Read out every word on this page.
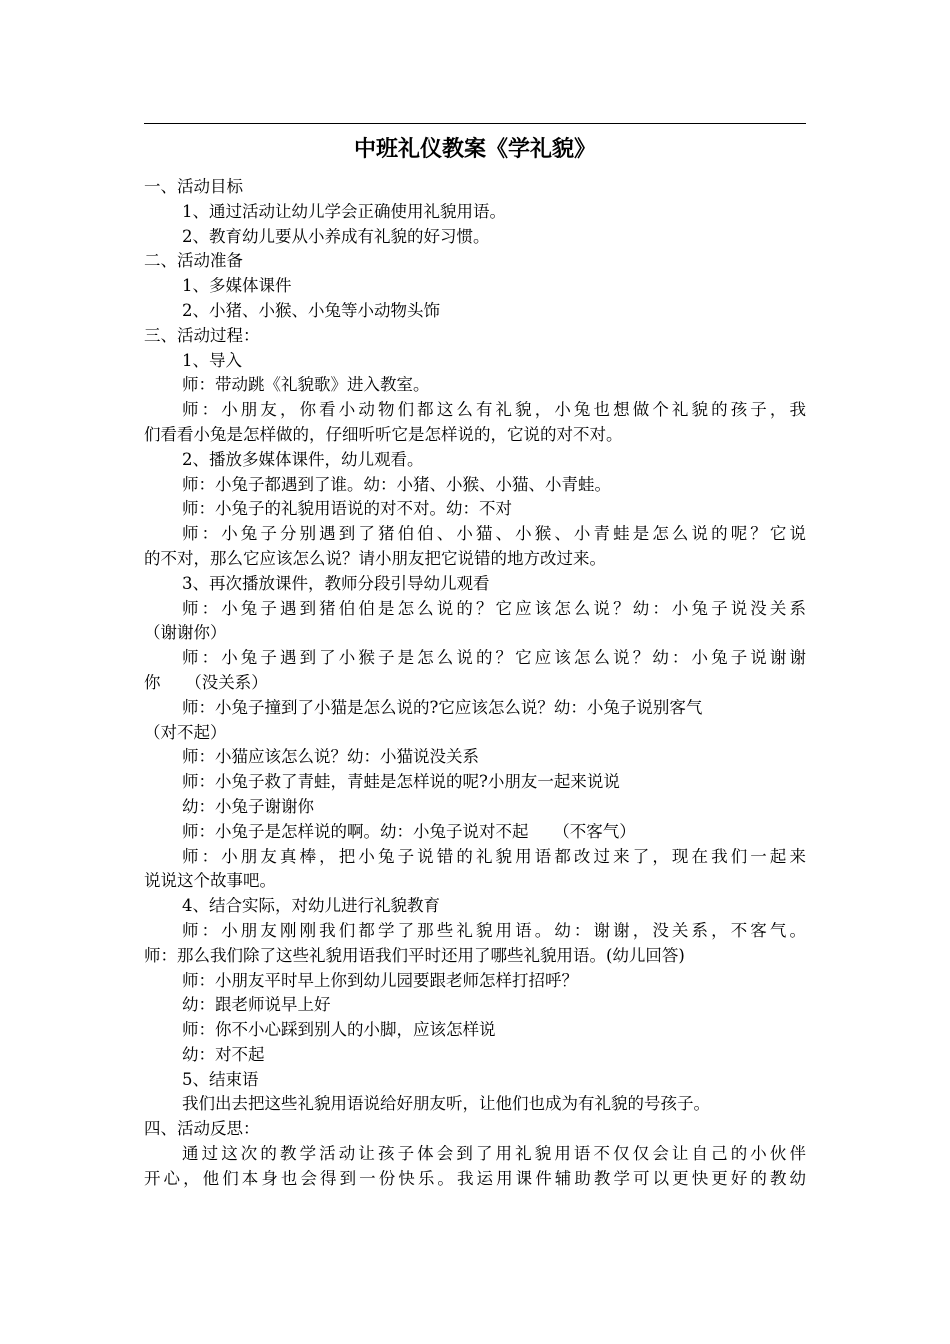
中班礼仪教案《学礼貌》
一、活动目标
1、通过活动让幼儿学会正确使用礼貌用语。
2、教育幼儿要从小养成有礼貌的好习惯。
二、活动准备
1、多媒体课件
2、小猪、小猴、小兔等小动物头饰
三、活动过程：
1、导入
师：带动跳《礼貌歌》进入教室。
师：小朋友，你看小动物们都这么有礼貌，小兔也想做个礼貌的孩子，我
们看看小兔是怎样做的，仔细听听它是怎样说的，它说的对不对。
2、播放多媒体课件，幼儿观看。
师：小兔子都遇到了谁。幼：小猪、小猴、小猫、小青蛙。
师：小兔子的礼貌用语说的对不对。幼：不对
师：小兔子分别遇到了猪伯伯、小猫、小猴、小青蛙是怎么说的呢？它说
的不对，那么它应该怎么说？请小朋友把它说错的地方改过来。
3、再次播放课件，教师分段引导幼儿观看
师：小兔子遇到猪伯伯是怎么说的？它应该怎么说？幼：小兔子说没关系
（谢谢你）
师：小兔子遇到了小猴子是怎么说的？它应该怎么说？幼：小兔子说谢谢
你　　（没关系）
师：小兔子撞到了小猫是怎么说的?它应该怎么说？幼：小兔子说别客气
（对不起）
师：小猫应该怎么说？幼：小猫说没关系
师：小兔子救了青蛙，青蛙是怎样说的呢?小朋友一起来说说
幼：小兔子谢谢你
师：小兔子是怎样说的啊。幼：小兔子说对不起　　（不客气）
师：小朋友真棒，把小兔子说错的礼貌用语都改过来了，现在我们一起来
说说这个故事吧。
4、结合实际，对幼儿进行礼貌教育
师：小朋友刚刚我们都学了那些礼貌用语。幼：谢谢，没关系，不客气。
师：那么我们除了这些礼貌用语我们平时还用了哪些礼貌用语。(幼儿回答)
师：小朋友平时早上你到幼儿园要跟老师怎样打招呼？
幼：跟老师说早上好
师：你不小心踩到别人的小脚，应该怎样说
幼：对不起
5、结束语
我们出去把这些礼貌用语说给好朋友听，让他们也成为有礼貌的号孩子。
四、活动反思：
通过这次的教学活动让孩子体会到了用礼貌用语不仅仅会让自己的小伙伴
开心，他们本身也会得到一份快乐。我运用课件辅助教学可以更快更好的教幼
